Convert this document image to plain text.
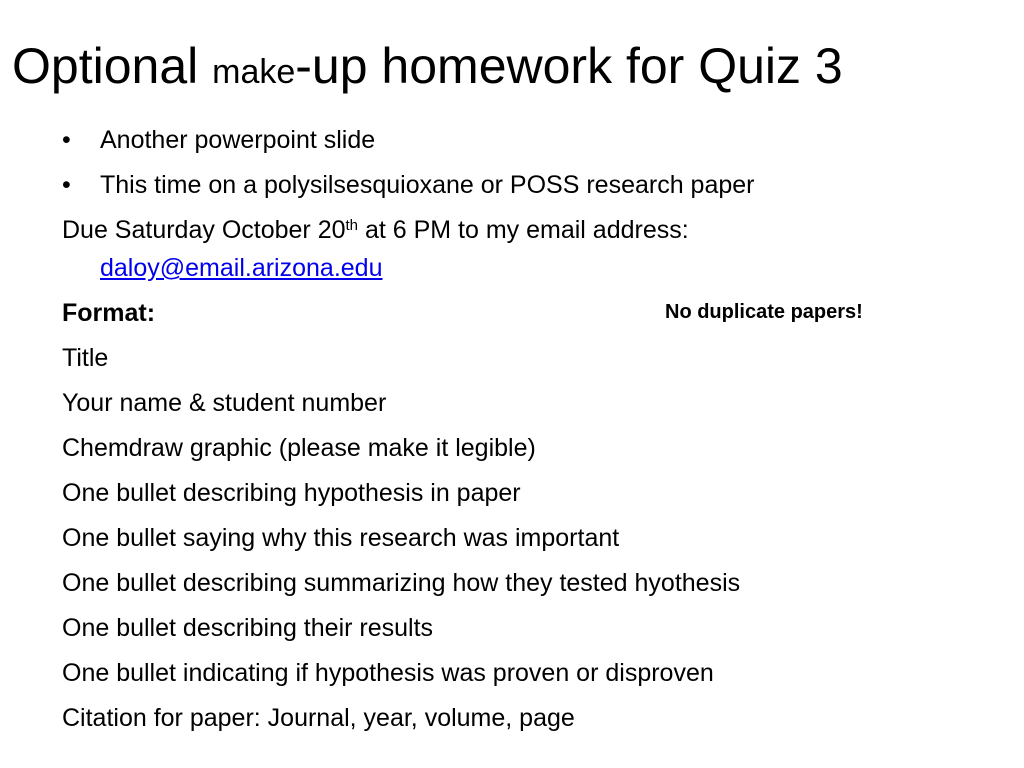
Optional make-up homework for Quiz 3
• Another powerpoint slide
• This time on a polysilsesquioxane or POSS research paper
Due Saturday October 20th at 6 PM to my email address:
daloy@email.arizona.edu
Format:
Title
Your name & student number
Chemdraw graphic (please make it legible)
One bullet describing hypothesis in paper
One bullet saying why this research was important
One bullet describing summarizing how they tested hyothesis
One bullet describing their results
One bullet indicating if hypothesis was proven or disproven
Citation for paper: Journal, year, volume, page
No duplicate papers!
